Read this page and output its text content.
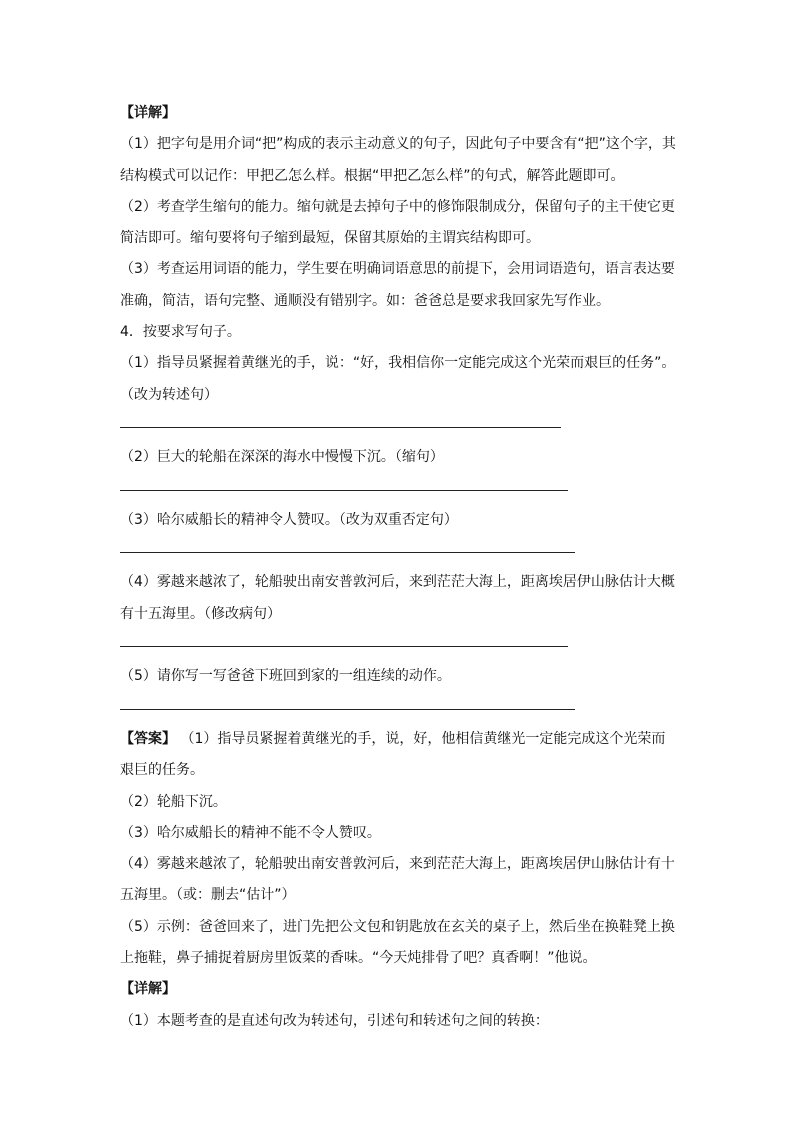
【详解】
（1）把字句是用介词“把”构成的表示主动意义的句子，因此句子中要含有“把”这个字，其
结构模式可以记作：甲把乙怎么样。根据“甲把乙怎么样”的句式，解答此题即可。
（2）考查学生缩句的能力。缩句就是去掉句子中的修饰限制成分，保留句子的主干使它更
简洁即可。缩句要将句子缩到最短，保留其原始的主谓宾结构即可。
（3）考查运用词语的能力，学生要在明确词语意思的前提下，会用词语造句，语言表达要
准确，简洁，语句完整、通顺没有错别字。如：爸爸总是要求我回家先写作业。
4．按要求写句子。
（1）指导员紧握着黄继光的手，说：“好，我相信你一定能完成这个光荣而艰巨的任务”。
（改为转述句）
（2）巨大的轮船在深深的海水中慢慢下沉。（缩句）
（3）哈尔威船长的精神令人赞叹。（改为双重否定句）
（4）雾越来越浓了，轮船驶出南安普敦河后，来到茫茫大海上，距离埃居伊山脉估计大概
有十五海里。（修改病句）
（5）请你写一写爸爸下班回到家的一组连续的动作。
【答案】 （1）指导员紧握着黄继光的手，说，好，他相信黄继光一定能完成这个光荣而
艰巨的任务。
（2）轮船下沉。
（3）哈尔威船长的精神不能不令人赞叹。
（4）雾越来越浓了，轮船驶出南安普敦河后，来到茫茫大海上，距离埃居伊山脉估计有十
五海里。（或：删去“估计”）
（5）示例：爸爸回来了，进门先把公文包和钥匙放在玄关的桌子上，然后坐在换鞋凳上换
上拖鞋，鼻子捕捉着厨房里饭菜的香味。“今天炖排骨了吧？真香啊！”他说。
【详解】
（1）本题考查的是直述句改为转述句，引述句和转述句之间的转换：
